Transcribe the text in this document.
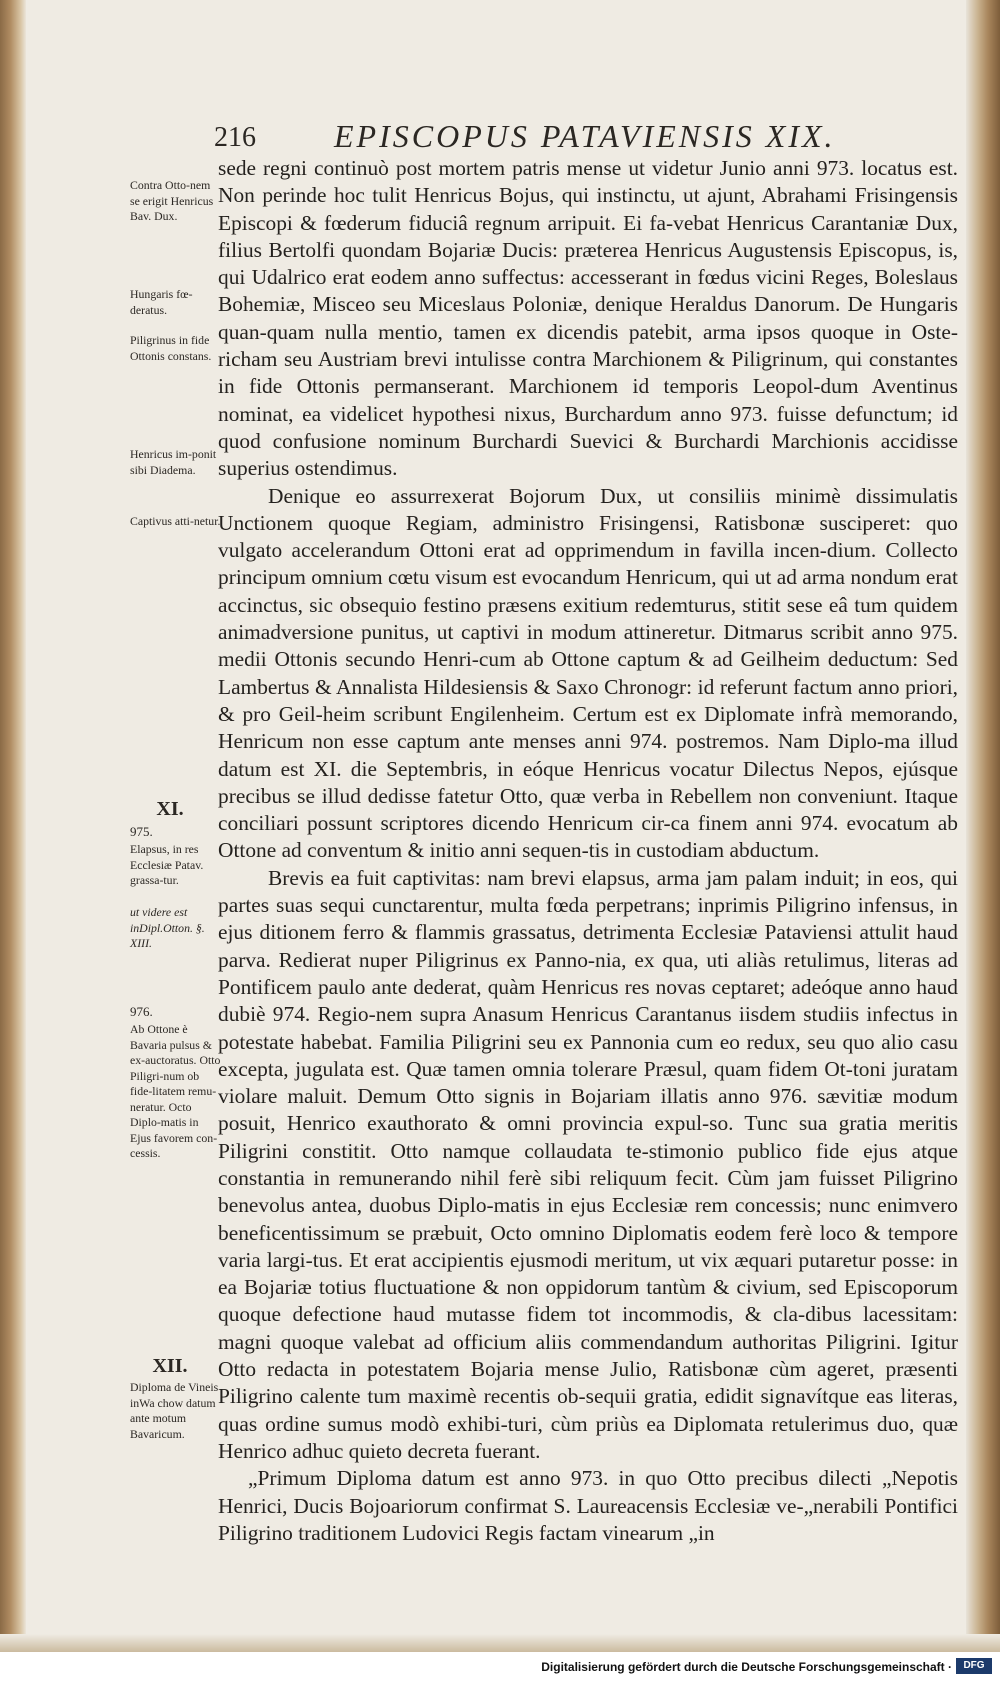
216 EPISCOPUS PATAVIENSIS XIX.
Contra Otto-nem se erigit Henricus Bav. Dux.
Hungaris fœ-deratus.
Piligrinus in fide Ottonis constans.
Henricus im-ponit sibi Diadema.
Captivus atti-netur.
XI.
975.
Elapsus, in res Ecclesiæ Patav. grassa-tur.
ut videre est inDipl.Otton. §. XIII.
976.
Ab Ottone è Bavaria pulsus & ex-auctoratus. Otto Piligri-num ob fide-litatem remu-neratur. Octo Diplo-matis in Ejus favorem con-cessis.
XII.
Diploma de Vineis inWa chow datum ante motum Bavaricum.

sede regni continuò post mortem patris mense ut videtur Junio anni 973. locatus est. Non perinde hoc tulit Henricus Bojus, qui instinctu, ut ajunt, Abrahami Frisingensis Episcopi & fœderum fiduciâ regnum arripuit. Ei fa-vebat Henricus Carantaniæ Dux, filius Bertolfi quondam Bojariæ Ducis: præterea Henricus Augustensis Episcopus, is, qui Udalrico erat eodem anno suffectus: accesserant in fœdus vicini Reges, Boleslaus Bohemiæ, Misceo seu Miceslaus Poloniæ, denique Heraldus Danorum. De Hungaris quan-quam nulla mentio, tamen ex dicendis patebit, arma ipsos quoque in Oste-richam seu Austriam brevi intulisse contra Marchionem & Piligrinum, qui constantes in fide Ottonis permanserant. Marchionem id temporis Leopol-dum Aventinus nominat, ea videlicet hypothesi nixus, Burchardum anno 973. fuisse defunctum; id quod confusione nominum Burchardi Suevici & Burchardi Marchionis accidisse superius ostendimus.

Denique eo assurrexerat Bojorum Dux, ut consiliis minimè dissimulatis Unctionem quoque Regiam, administro Frisingensi, Ratisbonæ susciperet: quo vulgato accelerandum Ottoni erat ad opprimendum in favilla incen-dium. Collecto principum omnium cœtu visum est evocandum Henricum, qui ut ad arma nondum erat accinctus, sic obsequio festino præsens exitium redemturus, stitit sese eâ tum quidem animadversione punitus, ut captivi in modum attineretur. Ditmarus scribit anno 975. medii Ottonis secundo Henri-cum ab Ottone captum & ad Geilheim deductum: Sed Lambertus & Annalista Hildesiensis & Saxo Chronogr: id referunt factum anno priori, & pro Geil-heim scribunt Engilenheim. Certum est ex Diplomate infrà memorando, Henricum non esse captum ante menses anni 974. postremos. Nam Diplo-ma illud datum est XI. die Septembris, in eóque Henricus vocatur Dilectus Nepos, ejúsque precibus se illud dedisse fatetur Otto, quæ verba in Rebellem non conveniunt. Itaque conciliari possunt scriptores dicendo Henricum cir-ca finem anni 974. evocatum ab Ottone ad conventum & initio anni sequen-tis in custodiam abductum.

Brevis ea fuit captivitas: nam brevi elapsus, arma jam palam induit; in eos, qui partes suas sequi cunctarentur, multa fœda perpetrans; inprimis Piligrino infensus, in ejus ditionem ferro & flammis grassatus, detrimenta Ecclesiæ Pataviensi attulit haud parva. Redierat nuper Piligrinus ex Panno-nia, ex qua, uti aliàs retulimus, literas ad Pontificem paulo ante dederat, quàm Henricus res novas ceptaret; adeóque anno haud dubiè 974. Regio-nem supra Anasum Henricus Carantanus iisdem studiis infectus in potestate habebat. Familia Piligrini seu ex Pannonia cum eo redux, seu quo alio casu excepta, jugulata est. Quæ tamen omnia tolerare Præsul, quam fidem Ot-toni juratam violare maluit. Demum Otto signis in Bojariam illatis anno 976. sævitiæ modum posuit, Henrico exauthorato & omni provincia expul-so. Tunc sua gratia meritis Piligrini constitit. Otto namque collaudata te-stimonio publico fide ejus atque constantia in remunerando nihil ferè sibi reliquum fecit. Cùm jam fuisset Piligrino benevolus antea, duobus Diplo-matis in ejus Ecclesiæ rem concessis; nunc enimvero beneficentissimum se præbuit, Octo omnino Diplomatis eodem ferè loco & tempore varia largi-tus. Et erat accipientis ejusmodi meritum, ut vix æquari putaretur posse: in ea Bojariæ totius fluctuatione & non oppidorum tantùm & civium, sed Episcoporum quoque defectione haud mutasse fidem tot incommodis, & cla-dibus lacessitam: magni quoque valebat ad officium aliis commendandum authoritas Piligrini. Igitur Otto redacta in potestatem Bojaria mense Julio, Ratisbonæ cùm ageret, præsenti Piligrino calente tum maximè recentis ob-sequii gratia, edidit signavítque eas literas, quas ordine sumus modò exhibi-turi, cùm priùs ea Diplomata retulerimus duo, quæ Henrico adhuc quieto decreta fuerant.

„Primum Diploma datum est anno 973. in quo Otto precibus dilecti „Nepotis Henrici, Ducis Bojoariorum confirmat S. Laureacensis Ecclesiæ ve-„nerabili Pontifici Piligrino traditionem Ludovici Regis factam vinearum „in

Digitalisierung gefördert durch die Deutsche Forschungsgemeinschaft ·	DFG
